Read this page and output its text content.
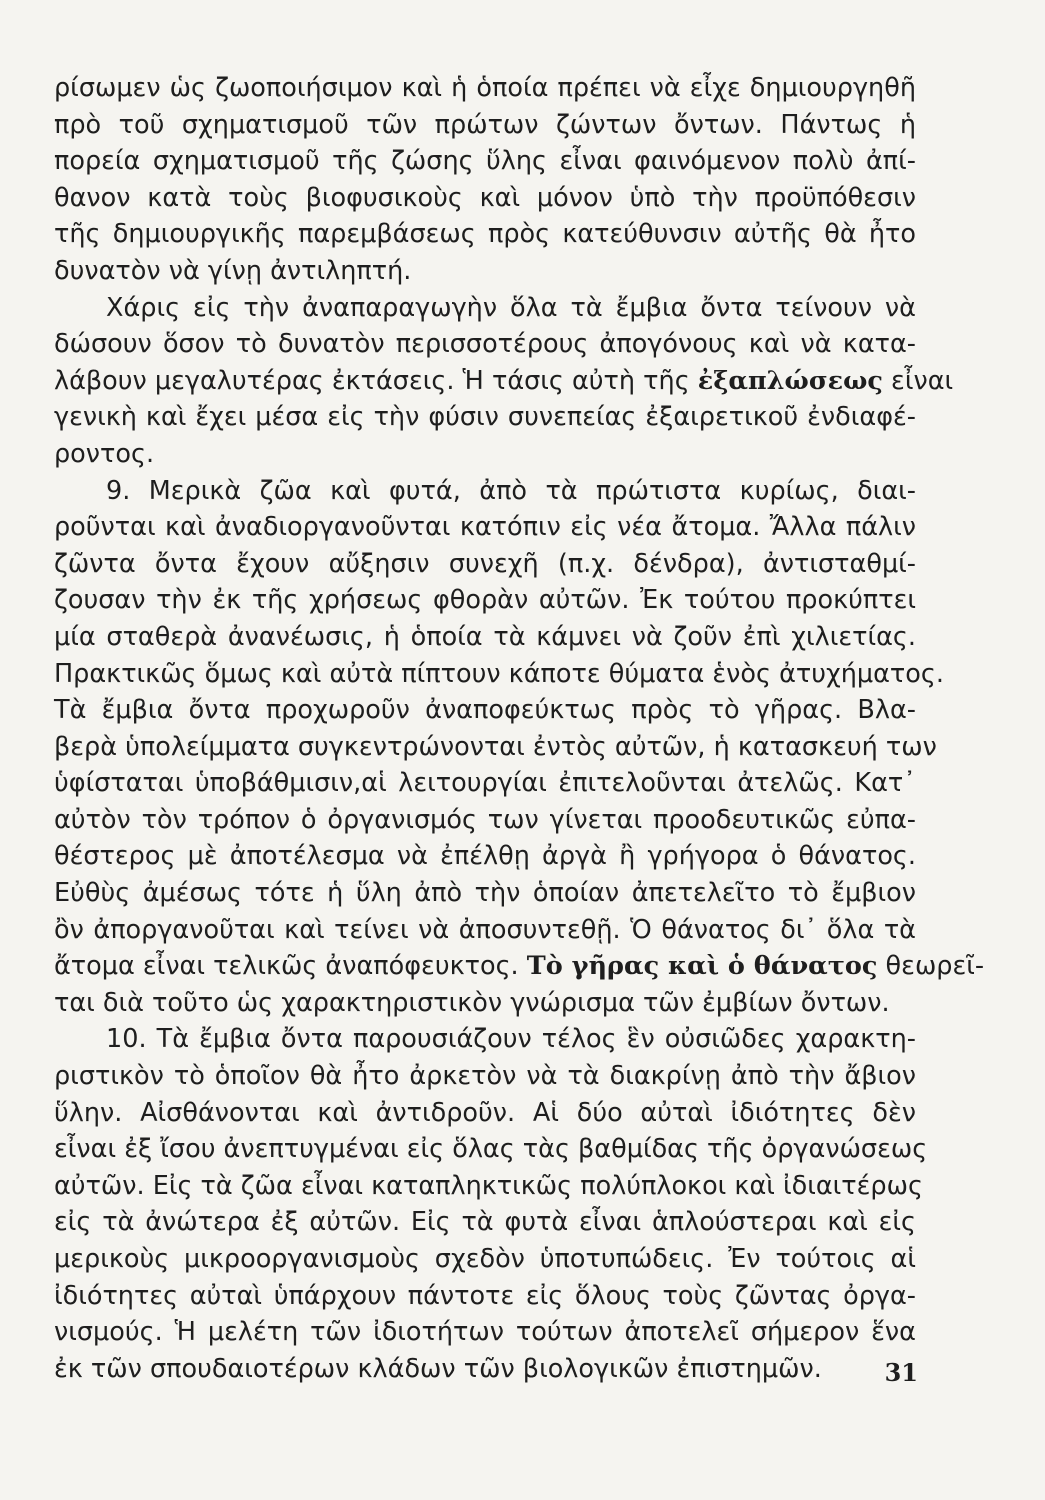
ρίσωμεν ὡς ζωοποιήσιμον καὶ ἡ ὁποία πρέπει νὰ εἶχε δημιουργηθῆ
πρὸ τοῦ σχηματισμοῦ τῶν πρώτων ζώντων ὄντων. Πάντως ἡ
πορεία σχηματισμοῦ τῆς ζώσης ὕλης εἶναι φαινόμενον πολὺ ἀπί-
θανον κατὰ τοὺς βιοφυσικοὺς καὶ μόνον ὑπὸ τὴν προϋπόθεσιν
τῆς δημιουργικῆς παρεμβάσεως πρὸς κατεύθυνσιν αὐτῆς θὰ ἦτο
δυνατὸν νὰ γίνῃ ἀντιληπτή.
Χάρις εἰς τὴν ἀναπαραγωγὴν ὅλα τὰ ἔμβια ὄντα τείνουν νὰ
δώσουν ὅσον τὸ δυνατὸν περισσοτέρους ἀπογόνους καὶ νὰ κατα-
λάβουν μεγαλυτέρας ἐκτάσεις. Ἡ τάσις αὐτὴ τῆς ἐξαπλώσεως εἶναι
γενικὴ καὶ ἔχει μέσα εἰς τὴν φύσιν συνεπείας ἐξαιρετικοῦ ἐνδιαφέ-
ροντος.
9. Μερικὰ ζῶα καὶ φυτά, ἀπὸ τὰ πρώτιστα κυρίως, διαι-
ροῦνται καὶ ἀναδιοργανοῦνται κατόπιν εἰς νέα ἄτομα. Ἄλλα πάλιν
ζῶντα ὄντα ἔχουν αὔξησιν συνεχῆ (π.χ. δένδρα), ἀντισταθμί-
ζουσαν τὴν ἐκ τῆς χρήσεως φθορὰν αὐτῶν. Ἐκ τούτου προκύπτει
μία σταθερὰ ἀνανέωσις, ἡ ὁποία τὰ κάμνει νὰ ζοῦν ἐπὶ χιλιετίας.
Πρακτικῶς ὅμως καὶ αὐτὰ πίπτουν κάποτε θύματα ἑνὸς ἀτυχήματος.
Τὰ ἔμβια ὄντα προχωροῦν ἀναποφεύκτως πρὸς τὸ γῆρας. Βλα-
βερὰ ὑπολείμματα συγκεντρώνονται ἐντὸς αὐτῶν, ἡ κατασκευή των
ὑφίσταται ὑποβάθμισιν,αἱ λειτουργίαι ἐπιτελοῦνται ἀτελῶς. Κατ᾽
αὐτὸν τὸν τρόπον ὁ ὀργανισμός των γίνεται προοδευτικῶς εὐπα-
θέστερος μὲ ἀποτέλεσμα νὰ ἐπέλθῃ ἀργὰ ἢ γρήγορα ὁ θάνατος.
Εὐθὺς ἀμέσως τότε ἡ ὕλη ἀπὸ τὴν ὁποίαν ἀπετελεῖτο τὸ ἔμβιον
ὂν ἀποργανοῦται καὶ τείνει νὰ ἀποσυντεθῇ. Ὁ θάνατος δι᾽ ὅλα τὰ
ἄτομα εἶναι τελικῶς ἀναπόφευκτος. Τὸ γῆρας καὶ ὁ θάνατος θεωρεῖ-
ται διὰ τοῦτο ὡς χαρακτηριστικὸν γνώρισμα τῶν ἐμβίων ὄντων.
10. Τὰ ἔμβια ὄντα παρουσιάζουν τέλος ἓν οὐσιῶδες χαρακτη-
ριστικὸν τὸ ὁποῖον θὰ ἦτο ἀρκετὸν νὰ τὰ διακρίνῃ ἀπὸ τὴν ἄβιον
ὕλην. Αἰσθάνονται καὶ ἀντιδροῦν. Αἱ δύο αὐταὶ ἰδιότητες δὲν
εἶναι ἐξ ἴσου ἀνεπτυγμέναι εἰς ὅλας τὰς βαθμίδας τῆς ὀργανώσεως
αὐτῶν. Εἰς τὰ ζῶα εἶναι καταπληκτικῶς πολύπλοκοι καὶ ἰδιαιτέρως
εἰς τὰ ἀνώτερα ἐξ αὐτῶν. Εἰς τὰ φυτὰ εἶναι ἁπλούστεραι καὶ εἰς
μερικοὺς μικροοργανισμοὺς σχεδὸν ὑποτυπώδεις. Ἐν τούτοις αἱ
ἰδιότητες αὐταὶ ὑπάρχουν πάντοτε εἰς ὅλους τοὺς ζῶντας ὀργα-
νισμούς. Ἡ μελέτη τῶν ἰδιοτήτων τούτων ἀποτελεῖ σήμερον ἕνα
ἐκ τῶν σπουδαιοτέρων κλάδων τῶν βιολογικῶν ἐπιστημῶν.	31
